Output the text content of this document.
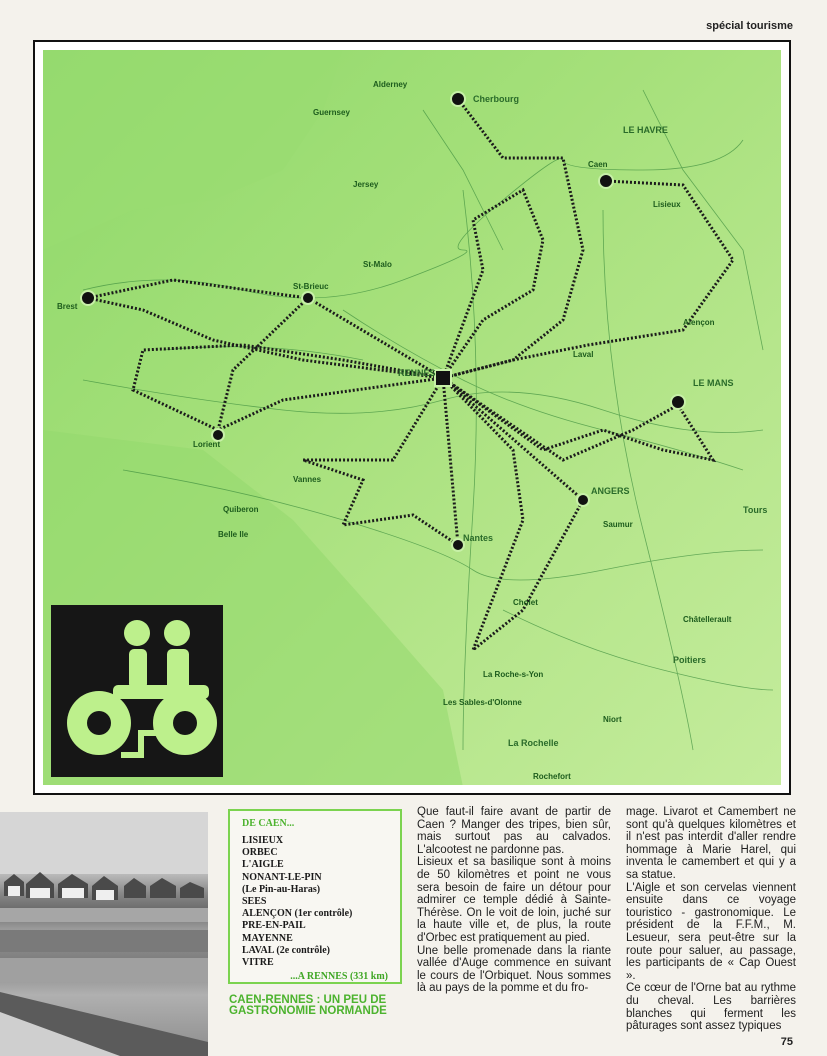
spécial tourisme
Cherbourg
LE HAVRE
Caen
Lisieux
Brest
St-Brieuc
RENNES
Alençon
LE MANS
Laval
Lorient
Vannes
ANGERS
Nantes
Tours
La Roche-s-Yon
Poitiers
La Rochelle
Rochefort
St-Malo
Quiberon
Belle Ile
Châtellerault
Les Sables-d'Olonne
Jersey
Guernsey
Alderney
Cholet
Saumur
Niort
DE CAEN...
LISIEUX
ORBEC
L'AIGLE
NONANT-LE-PIN
(Le Pin-au-Haras)
SEES
ALENÇON (1er contrôle)
PRE-EN-PAIL
MAYENNE
LAVAL (2e contrôle)
VITRE
...A RENNES (331 km)
CAEN-RENNES : UN PEU DE GASTRONOMIE NORMANDE

Que faut-il faire avant de partir de Caen ? Manger des tripes, bien sûr, mais surtout pas au calvados. L'alcootest ne pardonne pas.

Lisieux et sa basilique sont à moins de 50 kilomètres et point ne vous sera besoin de faire un détour pour admirer ce temple dédié à Sainte-Thérèse. On le voit de loin, juché sur la haute ville et, de plus, la route d'Orbec est pratiquement au pied.

Une belle promenade dans la riante vallée d'Auge commence en suivant le cours de l'Orbiquet. Nous sommes là au pays de la pomme et du fro-

mage. Livarot et Camembert ne sont qu'à quelques kilomètres et il n'est pas interdit d'aller rendre hommage à Marie Harel, qui inventa le camembert et qui y a sa statue.

L'Aigle et son cervelas viennent ensuite dans ce voyage touristico - gastronomique. Le président de la F.F.M., M. Lesueur, sera peut-être sur la route pour saluer, au passage, les participants de « Cap Ouest ».

Ce cœur de l'Orne bat au rythme du cheval. Les barrières blanches qui ferment les pâturages sont assez typiques

75
